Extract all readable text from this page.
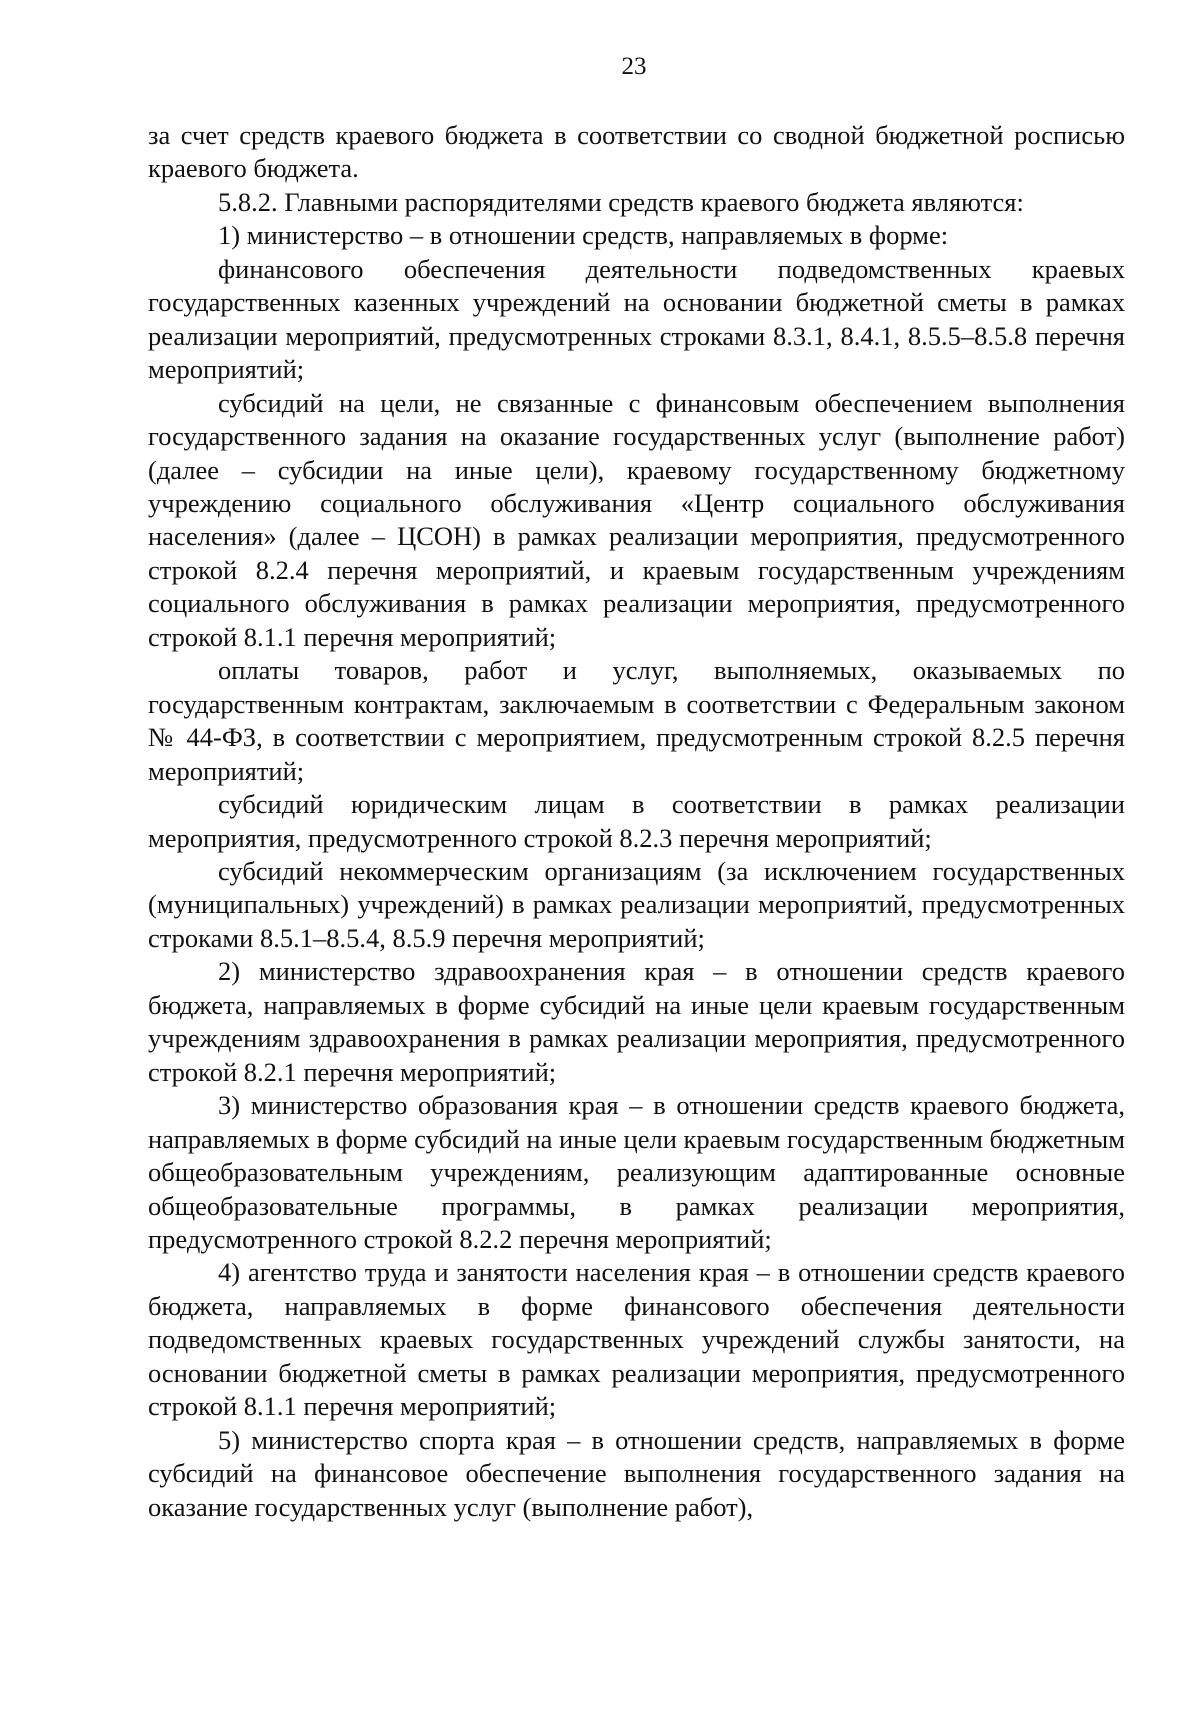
23

за счет средств краевого бюджета в соответствии со сводной бюджетной росписью краевого бюджета.

5.8.2. Главными распорядителями средств краевого бюджета являются:

1) министерство – в отношении средств, направляемых в форме:

финансового обеспечения деятельности подведомственных краевых государственных казенных учреждений на основании бюджетной сметы в рамках реализации мероприятий, предусмотренных строками 8.3.1, 8.4.1, 8.5.5–8.5.8 перечня мероприятий;

субсидий на цели, не связанные с финансовым обеспечением выполнения государственного задания на оказание государственных услуг (выполнение работ) (далее – субсидии на иные цели), краевому государственному бюджетному учреждению социального обслуживания «Центр социального обслуживания населения» (далее – ЦСОН) в рамках реализации мероприятия, предусмотренного строкой 8.2.4 перечня мероприятий, и краевым государственным учреждениям социального обслуживания в рамках реализации мероприятия, предусмотренного строкой 8.1.1 перечня мероприятий;

оплаты товаров, работ и услуг, выполняемых, оказываемых по государственным контрактам, заключаемым в соответствии с Федеральным законом № 44-ФЗ, в соответствии с мероприятием, предусмотренным строкой 8.2.5 перечня мероприятий;

субсидий юридическим лицам в соответствии в рамках реализации мероприятия, предусмотренного строкой 8.2.3 перечня мероприятий;

субсидий некоммерческим организациям (за исключением государственных (муниципальных) учреждений) в рамках реализации мероприятий, предусмотренных строками 8.5.1–8.5.4, 8.5.9 перечня мероприятий;

2) министерство здравоохранения края – в отношении средств краевого бюджета, направляемых в форме субсидий на иные цели краевым государственным учреждениям здравоохранения в рамках реализации мероприятия, предусмотренного строкой 8.2.1 перечня мероприятий;

3) министерство образования края – в отношении средств краевого бюджета, направляемых в форме субсидий на иные цели краевым государственным бюджетным общеобразовательным учреждениям, реализующим адаптированные основные общеобразовательные программы, в рамках реализации мероприятия, предусмотренного строкой 8.2.2 перечня мероприятий;

4) агентство труда и занятости населения края – в отношении средств краевого бюджета, направляемых в форме финансового обеспечения деятельности подведомственных краевых государственных учреждений службы занятости, на основании бюджетной сметы в рамках реализации мероприятия, предусмотренного строкой 8.1.1 перечня мероприятий;

5) министерство спорта края – в отношении средств, направляемых в форме субсидий на финансовое обеспечение выполнения государственного задания на оказание государственных услуг (выполнение работ),
